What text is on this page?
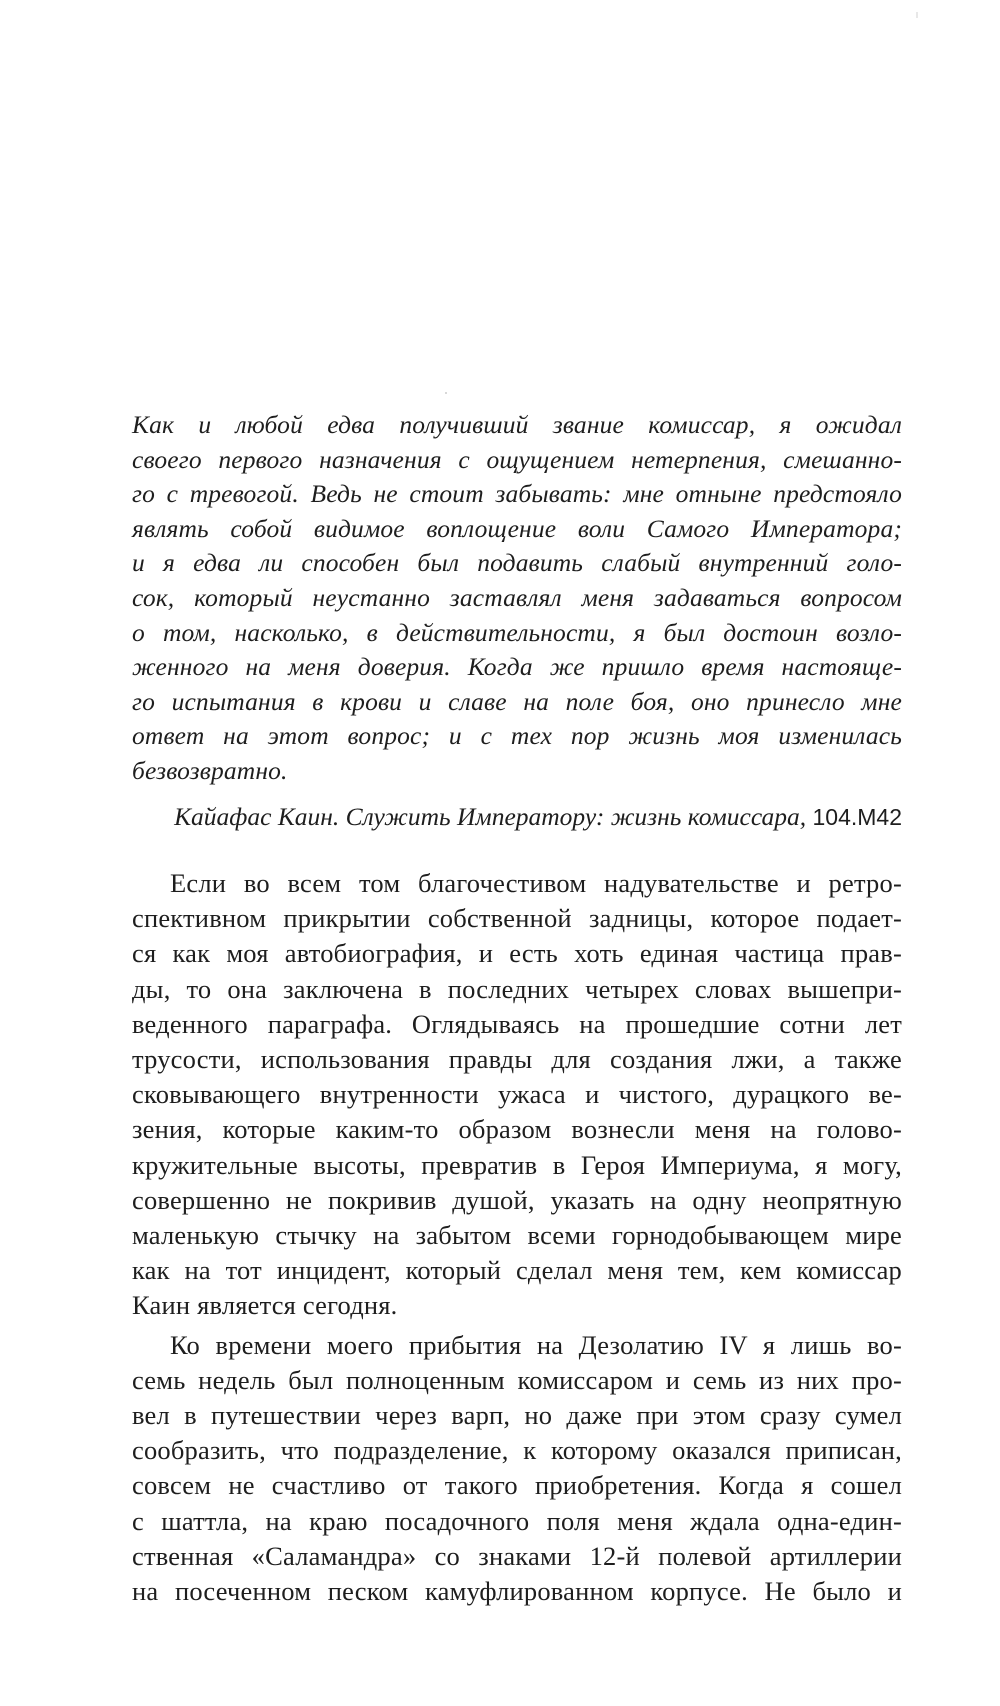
Как и любой едва получивший звание комиссар, я ожидал
своего первого назначения с ощущением нетерпения, смешанно-
го с тревогой. Ведь не стоит забывать: мне отныне предстояло
являть собой видимое воплощение воли Самого Императора;
и я едва ли способен был подавить слабый внутренний голо-
сок, который неустанно заставлял меня задаваться вопросом
о том, насколько, в действительности, я был достоин возло-
женного на меня доверия. Когда же пришло время настояще-
го испытания в крови и славе на поле боя, оно принесло мне
ответ на этот вопрос; и с тех пор жизнь моя изменилась
безвозвратно.
Кайафас Каин. Служить Императору: жизнь комиссара, 104.M42
Если во всем том благочестивом надувательстве и ретро-
спективном прикрытии собственной задницы, которое подает-
ся как моя автобиография, и есть хоть единая частица прав-
ды, то она заключена в последних четырех словах вышепри-
веденного параграфа. Оглядываясь на прошедшие сотни лет
трусости, использования правды для создания лжи, а также
сковывающего внутренности ужаса и чистого, дурацкого ве-
зения, которые каким-то образом вознесли меня на голово-
кружительные высоты, превратив в Героя Империума, я могу,
совершенно не покривив душой, указать на одну неопрятную
маленькую стычку на забытом всеми горнодобывающем мире
как на тот инцидент, который сделал меня тем, кем комиссар
Каин является сегодня.
Ко времени моего прибытия на Дезолатию IV я лишь во-
семь недель был полноценным комиссаром и семь из них про-
вел в путешествии через варп, но даже при этом сразу сумел
сообразить, что подразделение, к которому оказался приписан,
совсем не счастливо от такого приобретения. Когда я сошел
с шаттла, на краю посадочного поля меня ждала одна-един-
ственная «Саламандра» со знаками 12-й полевой артиллерии
на посеченном песком камуфлированном корпусе. Не было и
